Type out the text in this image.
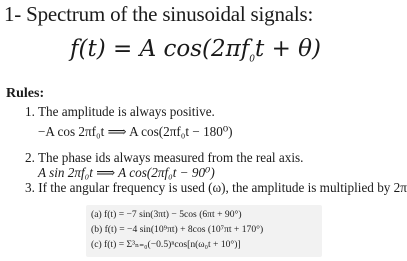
1- Spectrum of the sinusoidal signals:
f(t) = A $\cos(2\pi f_0t + \theta)$
Rules:
1. The amplitude is always positive.
−A cos 2πf₀t ⟹ A cos(2πf₀t − 180⁰)
2. The phase ids always measured from the real axis.
A sin 2πf₀t ⟹ A cos(2πf₀t − 90⁰)
3. If the angular frequency is used (ω), the amplitude is multiplied by 2π
(a) f(t) = −7 sin(3πt) − 5cos (6πt + 90°)
(b) f(t) = −4 sin(10⁹πt) + 8cos (10⁷πt + 170°)
(c) f(t) = Σ³ₙ₌₀(−0.5)ⁿcos[n(ω₀t + 10°)]
